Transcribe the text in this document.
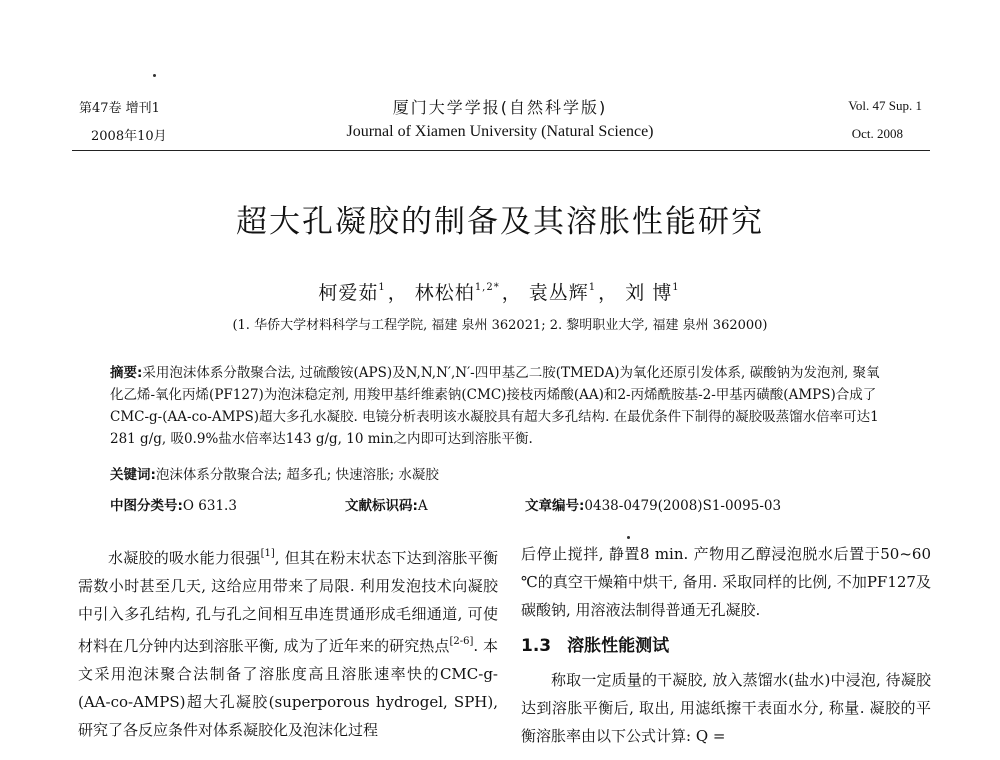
第47卷 增刊1
2008年10月
厦门大学学报(自然科学版)
Journal of Xiamen University (Natural Science)
Vol. 47 Sup. 1
Oct. 2008
超大孔凝胶的制备及其溶胀性能研究
柯爱茹$^1$ ， 林松柏$^{1,2*}$ ， 袁丛辉$^1$ ， 刘 博$^1$
(1. 华侨大学材料科学与工程学院, 福建 泉州 362021; 2. 黎明职业大学, 福建 泉州 362000)
摘要:采用泡沫体系分散聚合法, 过硫酸铵(APS)及N,N,N′,N′-四甲基乙二胺(TMEDA)为氧化还原引发体系, 碳酸钠为发泡剂, 聚氧化乙烯-氧化丙烯(PF127)为泡沫稳定剂, 用羧甲基纤维素钠(CMC)接枝丙烯酸(AA)和2-丙烯酰胺基-2-甲基丙磺酸(AMPS)合成了CMC-g-(AA-co-AMPS)超大多孔水凝胶. 电镜分析表明该水凝胶具有超大多孔结构. 在最优条件下制得的凝胶吸蒸馏水倍率可达1 281 g/g, 吸0.9%盐水倍率达143 g/g, 10 min之内即可达到溶胀平衡.
关键词:泡沫体系分散聚合法; 超多孔; 快速溶胀; 水凝胶
中图分类号:O 631.3	文献标识码:A	文章编号:0438-0479(2008)S1-0095-03
水凝胶的吸水能力很强[1], 但其在粉末状态下达到溶胀平衡需数小时甚至几天, 这给应用带来了局限. 利用发泡技术向凝胶中引入多孔结构, 孔与孔之间相互串连贯通形成毛细通道, 可使材料在几分钟内达到溶胀平衡, 成为了近年来的研究热点[2-6]. 本文采用泡沫聚合法制备了溶胀度高且溶胀速率快的CMC-g-(AA-co-AMPS)超大孔凝胶(superporous hydrogel, SPH), 研究了各反应条件对体系凝胶化及泡沫化过程

后停止搅拌, 静置8 min. 产物用乙醇浸泡脱水后置于50~60 ℃的真空干燥箱中烘干, 备用. 采取同样的比例, 不加PF127及碳酸钠, 用溶液法制得普通无孔凝胶.

1.3 溶胀性能测试

称取一定质量的干凝胶, 放入蒸馏水(盐水)中浸泡, 待凝胶达到溶胀平衡后, 取出, 用滤纸擦干表面水分, 称量. 凝胶的平衡溶胀率由以下公式计算: Q =
